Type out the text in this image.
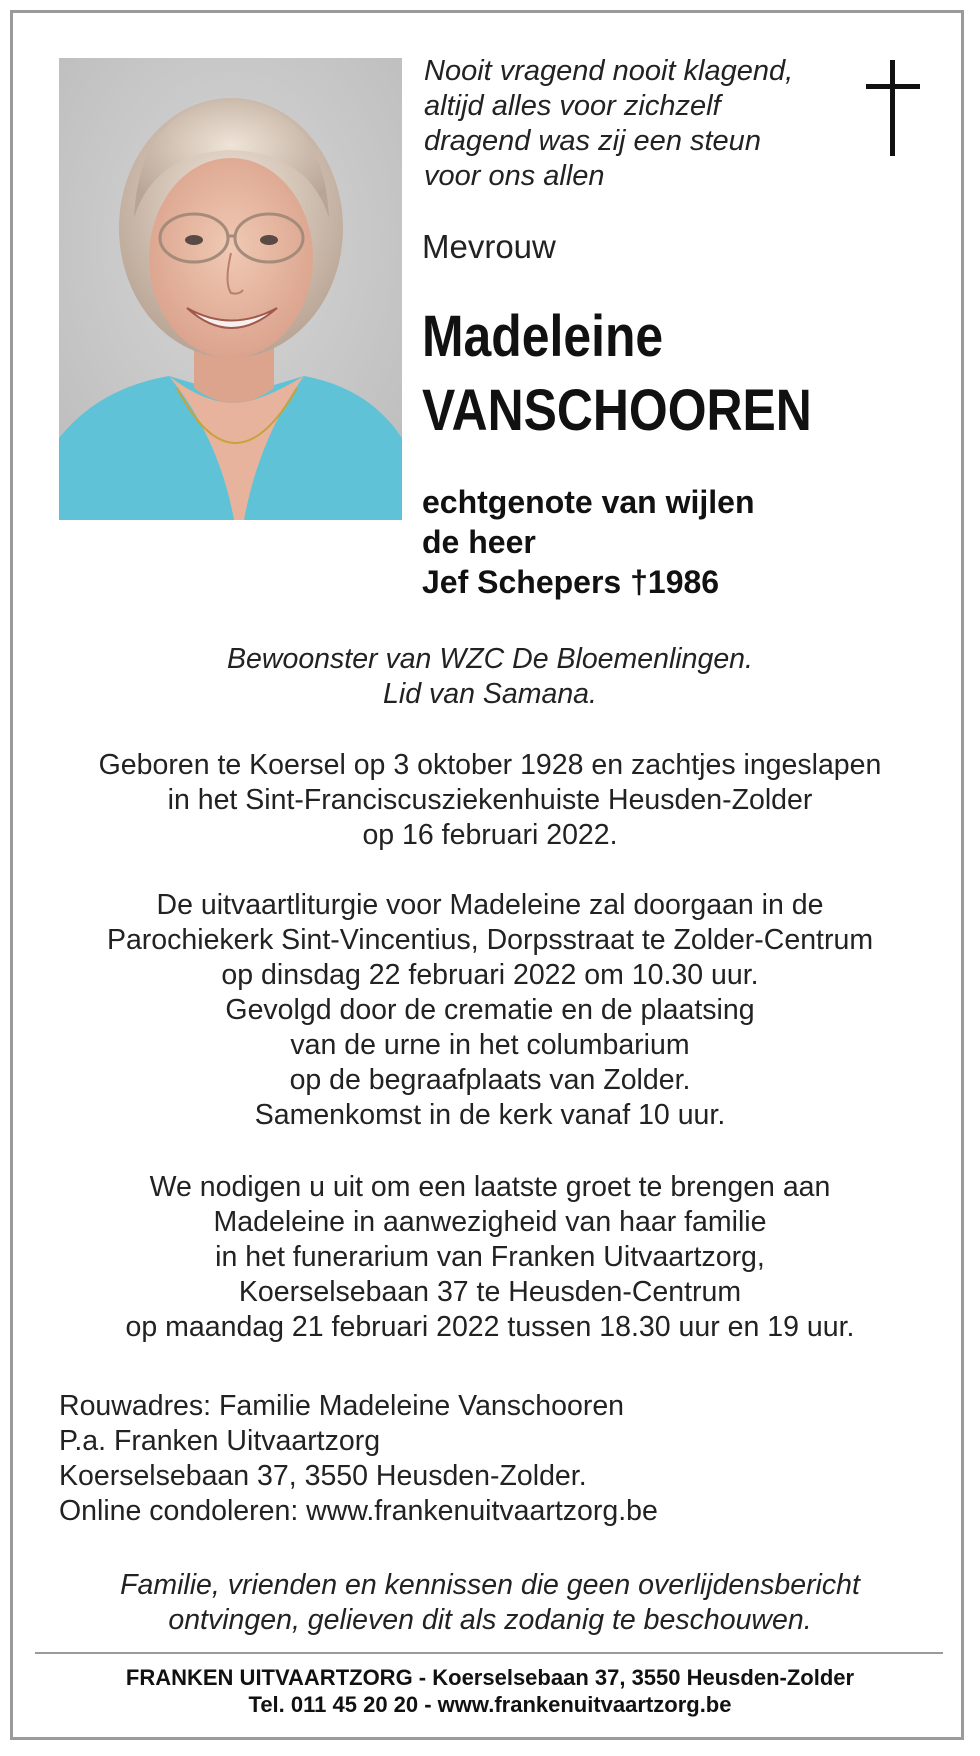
Nooit vragend nooit klagend,
altijd alles voor zichzelf
dragend was zij een steun
voor ons allen
Mevrouw
Madeleine
VANSCHOOREN
echtgenote van wijlen
de heer
Jef Schepers †1986
Bewoonster van WZC De Bloemenlingen.
Lid van Samana.
Geboren te Koersel op 3 oktober 1928 en zachtjes ingeslapen
in het Sint-Franciscusziekenhuiste Heusden-Zolder
op 16 februari 2022.
De uitvaartliturgie voor Madeleine zal doorgaan in de
Parochiekerk Sint-Vincentius, Dorpsstraat te Zolder-Centrum
op dinsdag 22 februari 2022 om 10.30 uur.
Gevolgd door de crematie en de plaatsing
van de urne in het columbarium
op de begraafplaats van Zolder.
Samenkomst in de kerk vanaf 10 uur.
We nodigen u uit om een laatste groet te brengen aan
Madeleine in aanwezigheid van haar familie
in het funerarium van Franken Uitvaartzorg,
Koerselsebaan 37 te Heusden-Centrum
op maandag 21 februari 2022 tussen 18.30 uur en 19 uur.
Rouwadres: Familie Madeleine Vanschooren
P.a. Franken Uitvaartzorg
Koerselsebaan 37, 3550 Heusden-Zolder.
Online condoleren: www.frankenuitvaartzorg.be
Familie, vrienden en kennissen die geen overlijdensbericht
ontvingen, gelieven dit als zodanig te beschouwen.
FRANKEN UITVAARTZORG - Koerselsebaan 37, 3550 Heusden-Zolder
Tel. 011 45 20 20 - www.frankenuitvaartzorg.be
